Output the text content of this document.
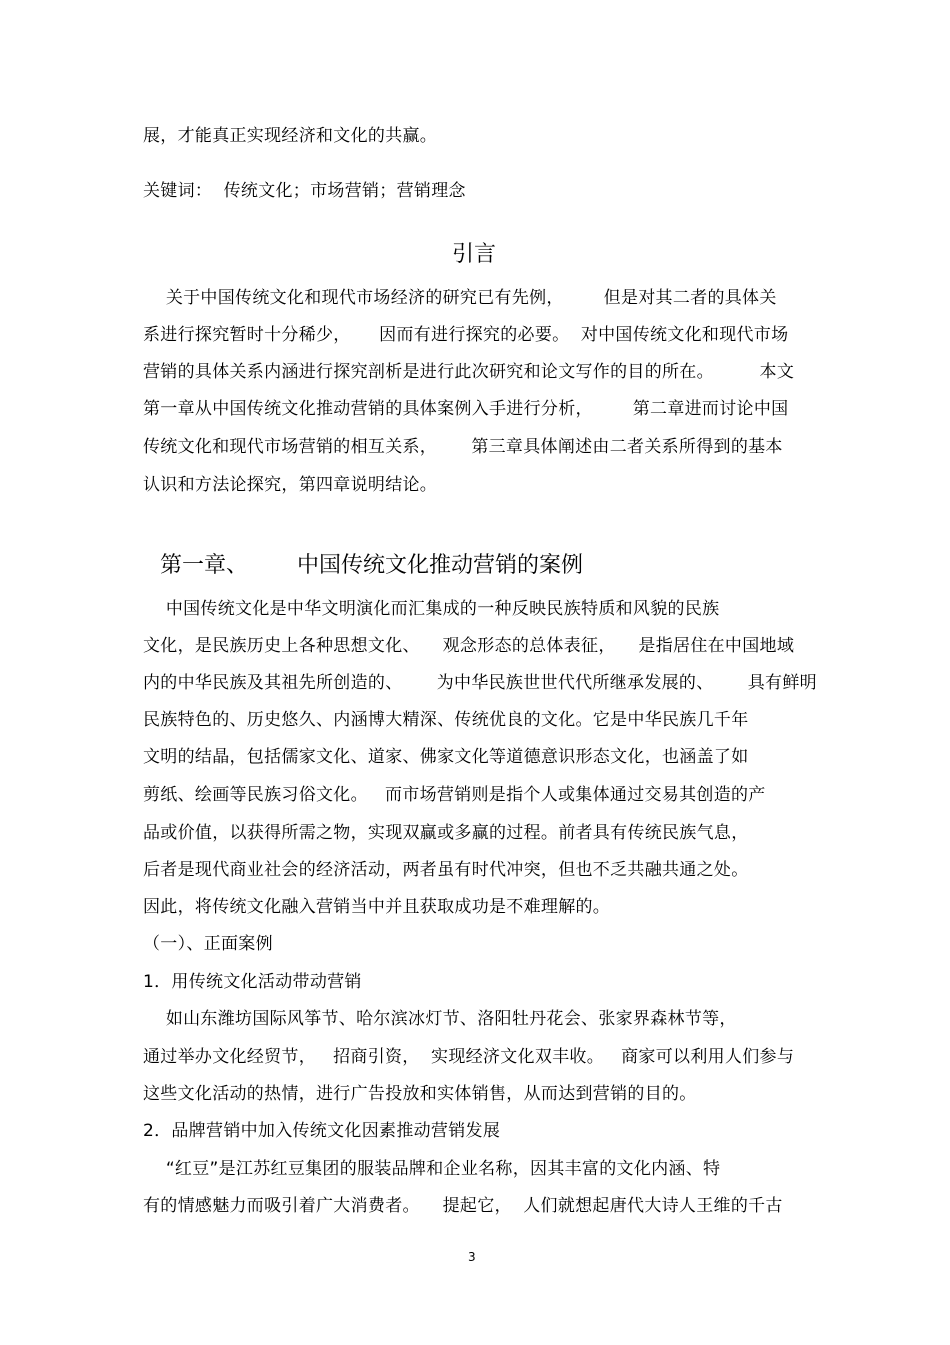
展，才能真正实现经济和文化的共赢。
关键词：  传统文化；市场营销；营销理念
引言
关于中国传统文化和现代市场经济的研究已有先例，       但是对其二者的具体关
系进行探究暂时十分稀少，     因而有进行探究的必要。  对中国传统文化和现代市场
营销的具体关系内涵进行探究剖析是进行此次研究和论文写作的目的所在。        本文
第一章从中国传统文化推动营销的具体案例入手进行分析，       第二章进而讨论中国
传统文化和现代市场营销的相互关系，      第三章具体阐述由二者关系所得到的基本
认识和方法论探究，第四章说明结论。
第一章、       中国传统文化推动营销的案例
中国传统文化是中华文明演化而汇集成的一种反映民族特质和风貌的民族
文化，是民族历史上各种思想文化、    观念形态的总体表征，    是指居住在中国地域
内的中华民族及其祖先所创造的、      为中华民族世世代代所继承发展的、      具有鲜明
民族特色的、历史悠久、内涵博大精深、传统优良的文化。它是中华民族几千年
文明的结晶，包括儒家文化、道家、佛家文化等道德意识形态文化，也涵盖了如
剪纸、绘画等民族习俗文化。   而市场营销则是指个人或集体通过交易其创造的产
品或价值，以获得所需之物，实现双赢或多赢的过程。前者具有传统民族气息，
后者是现代商业社会的经济活动，两者虽有时代冲突，但也不乏共融共通之处。
因此，将传统文化融入营销当中并且获取成功是不难理解的。
（一）、正面案例
1．用传统文化活动带动营销
如山东潍坊国际风筝节、哈尔滨冰灯节、洛阳牡丹花会、张家界森林节等，
通过举办文化经贸节，   招商引资，  实现经济文化双丰收。   商家可以利用人们参与
这些文化活动的热情，进行广告投放和实体销售，从而达到营销的目的。
2．品牌营销中加入传统文化因素推动营销发展
“红豆”是江苏红豆集团的服装品牌和企业名称，因其丰富的文化内涵、特
有的情感魅力而吸引着广大消费者。    提起它，  人们就想起唐代大诗人王维的千古
3
